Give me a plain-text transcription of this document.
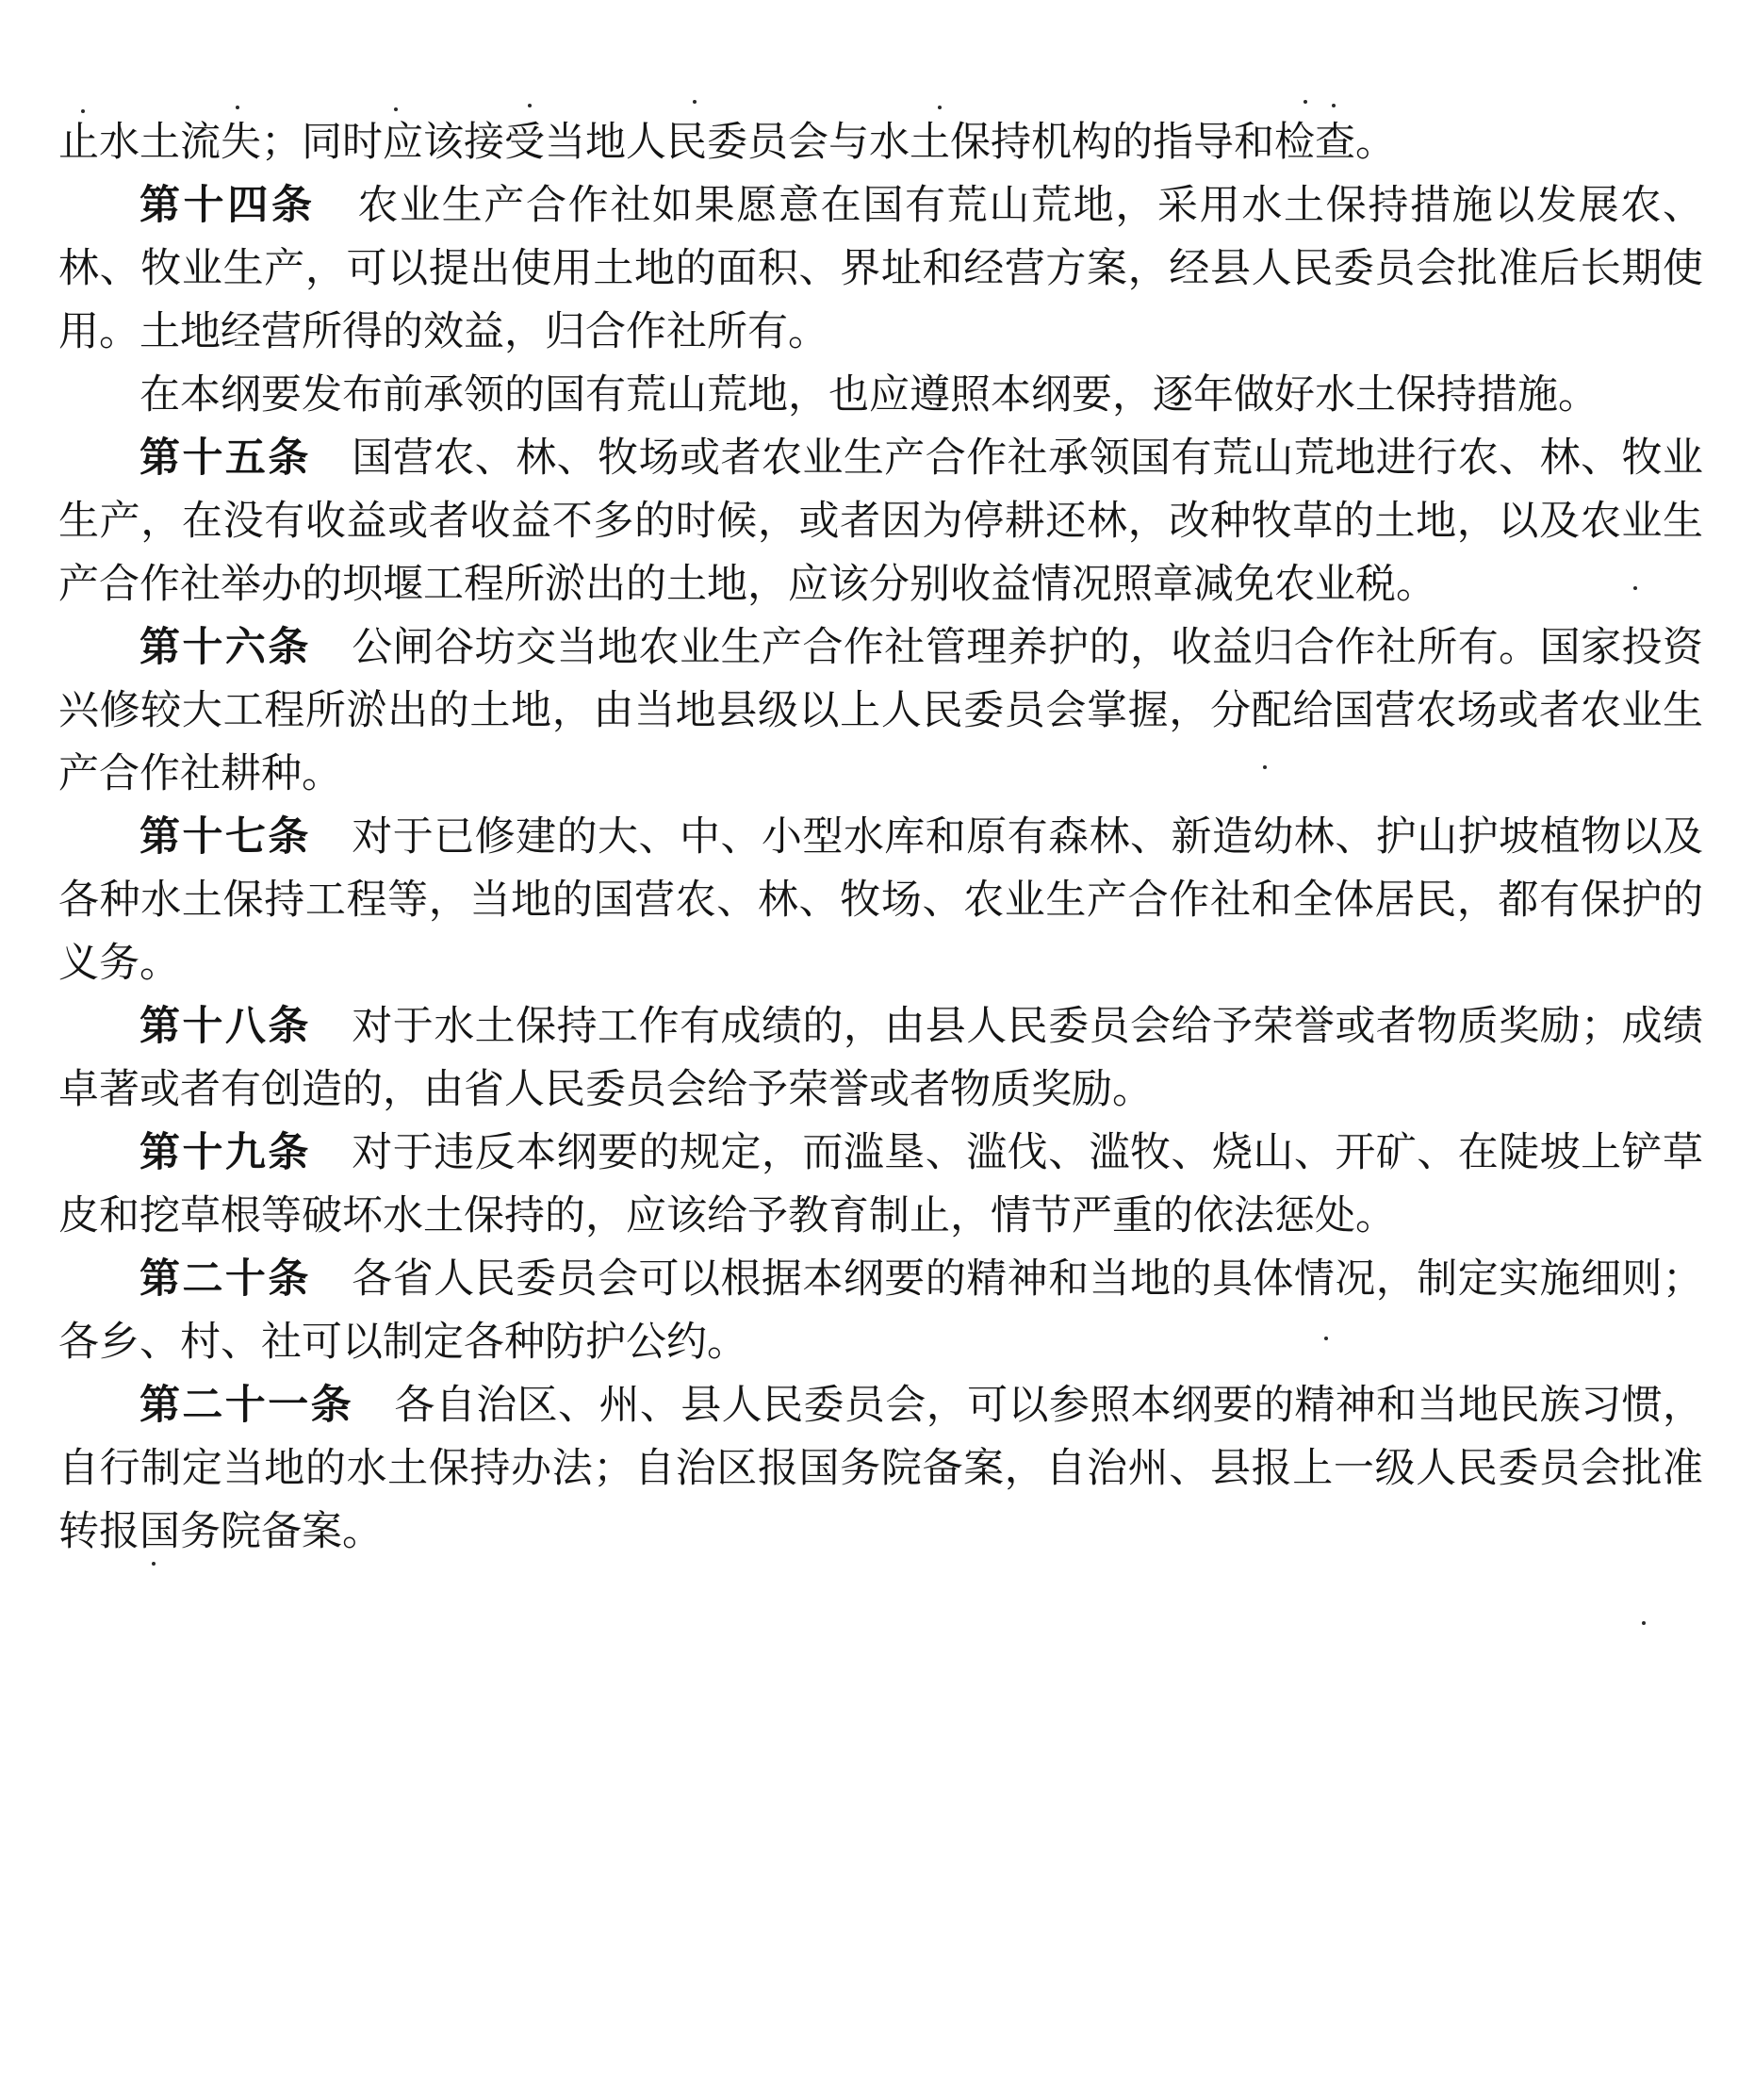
止水土流失；同时应该接受当地人民委员会与水土保持机构的指导和检查。

第十四条 农业生产合作社如果愿意在国有荒山荒地，采用水土保持措施以发展农、林、牧业生产，可以提出使用土地的面积、界址和经营方案，经县人民委员会批准后长期使用。土地经营所得的效益，归合作社所有。

在本纲要发布前承领的国有荒山荒地，也应遵照本纲要，逐年做好水土保持措施。

第十五条 国营农、林、牧场或者农业生产合作社承领国有荒山荒地进行农、林、牧业生产，在没有收益或者收益不多的时候，或者因为停耕还林，改种牧草的土地，以及农业生产合作社举办的坝堰工程所淤出的土地，应该分别收益情况照章减免农业税。

第十六条 公闸谷坊交当地农业生产合作社管理养护的，收益归合作社所有。国家投资兴修较大工程所淤出的土地，由当地县级以上人民委员会掌握，分配给国营农场或者农业生产合作社耕种。

第十七条 对于已修建的大、中、小型水库和原有森林、新造幼林、护山护坡植物以及各种水土保持工程等，当地的国营农、林、牧场、农业生产合作社和全体居民，都有保护的义务。

第十八条 对于水土保持工作有成绩的，由县人民委员会给予荣誉或者物质奖励；成绩卓著或者有创造的，由省人民委员会给予荣誉或者物质奖励。

第十九条 对于违反本纲要的规定，而滥垦、滥伐、滥牧、烧山、开矿、在陡坡上铲草皮和挖草根等破坏水土保持的，应该给予教育制止，情节严重的依法惩处。

第二十条 各省人民委员会可以根据本纲要的精神和当地的具体情况，制定实施细则；各乡、村、社可以制定各种防护公约。

第二十一条 各自治区、州、县人民委员会，可以参照本纲要的精神和当地民族习惯，自行制定当地的水土保持办法；自治区报国务院备案，自治州、县报上一级人民委员会批准转报国务院备案。
